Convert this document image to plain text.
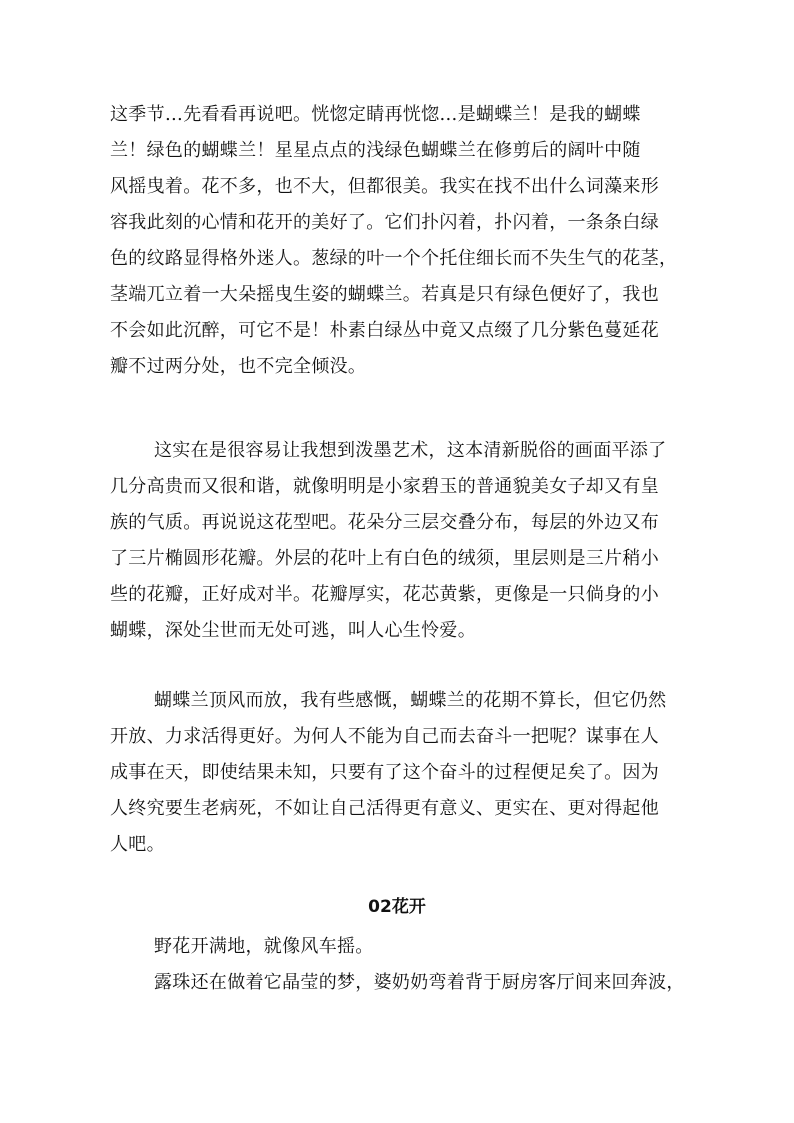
这季节…先看看再说吧。恍惚定睛再恍惚…是蝴蝶兰！是我的蝴蝶
兰！绿色的蝴蝶兰！星星点点的浅绿色蝴蝶兰在修剪后的阔叶中随
风摇曳着。花不多，也不大，但都很美。我实在找不出什么词藻来形
容我此刻的心情和花开的美好了。它们扑闪着，扑闪着，一条条白绿
色的纹路显得格外迷人。葱绿的叶一个个托住细长而不失生气的花茎，
茎端兀立着一大朵摇曳生姿的蝴蝶兰。若真是只有绿色便好了，我也
不会如此沉醉，可它不是！朴素白绿丛中竟又点缀了几分紫色蔓延花
瓣不过两分处，也不完全倾没。
这实在是很容易让我想到泼墨艺术，这本清新脱俗的画面平添了
几分高贵而又很和谐，就像明明是小家碧玉的普通貌美女子却又有皇
族的气质。再说说这花型吧。花朵分三层交叠分布，每层的外边又布
了三片椭圆形花瓣。外层的花叶上有白色的绒须，里层则是三片稍小
些的花瓣，正好成对半。花瓣厚实，花芯黄紫，更像是一只倘身的小
蝴蝶，深处尘世而无处可逃，叫人心生怜爱。
蝴蝶兰顶风而放，我有些感慨，蝴蝶兰的花期不算长，但它仍然
开放、力求活得更好。为何人不能为自己而去奋斗一把呢？谋事在人
成事在天，即使结果未知，只要有了这个奋斗的过程便足矣了。因为
人终究要生老病死，不如让自己活得更有意义、更实在、更对得起他
人吧。
02花开
野花开满地，就像风车摇。
露珠还在做着它晶莹的梦，婆奶奶弯着背于厨房客厅间来回奔波，
